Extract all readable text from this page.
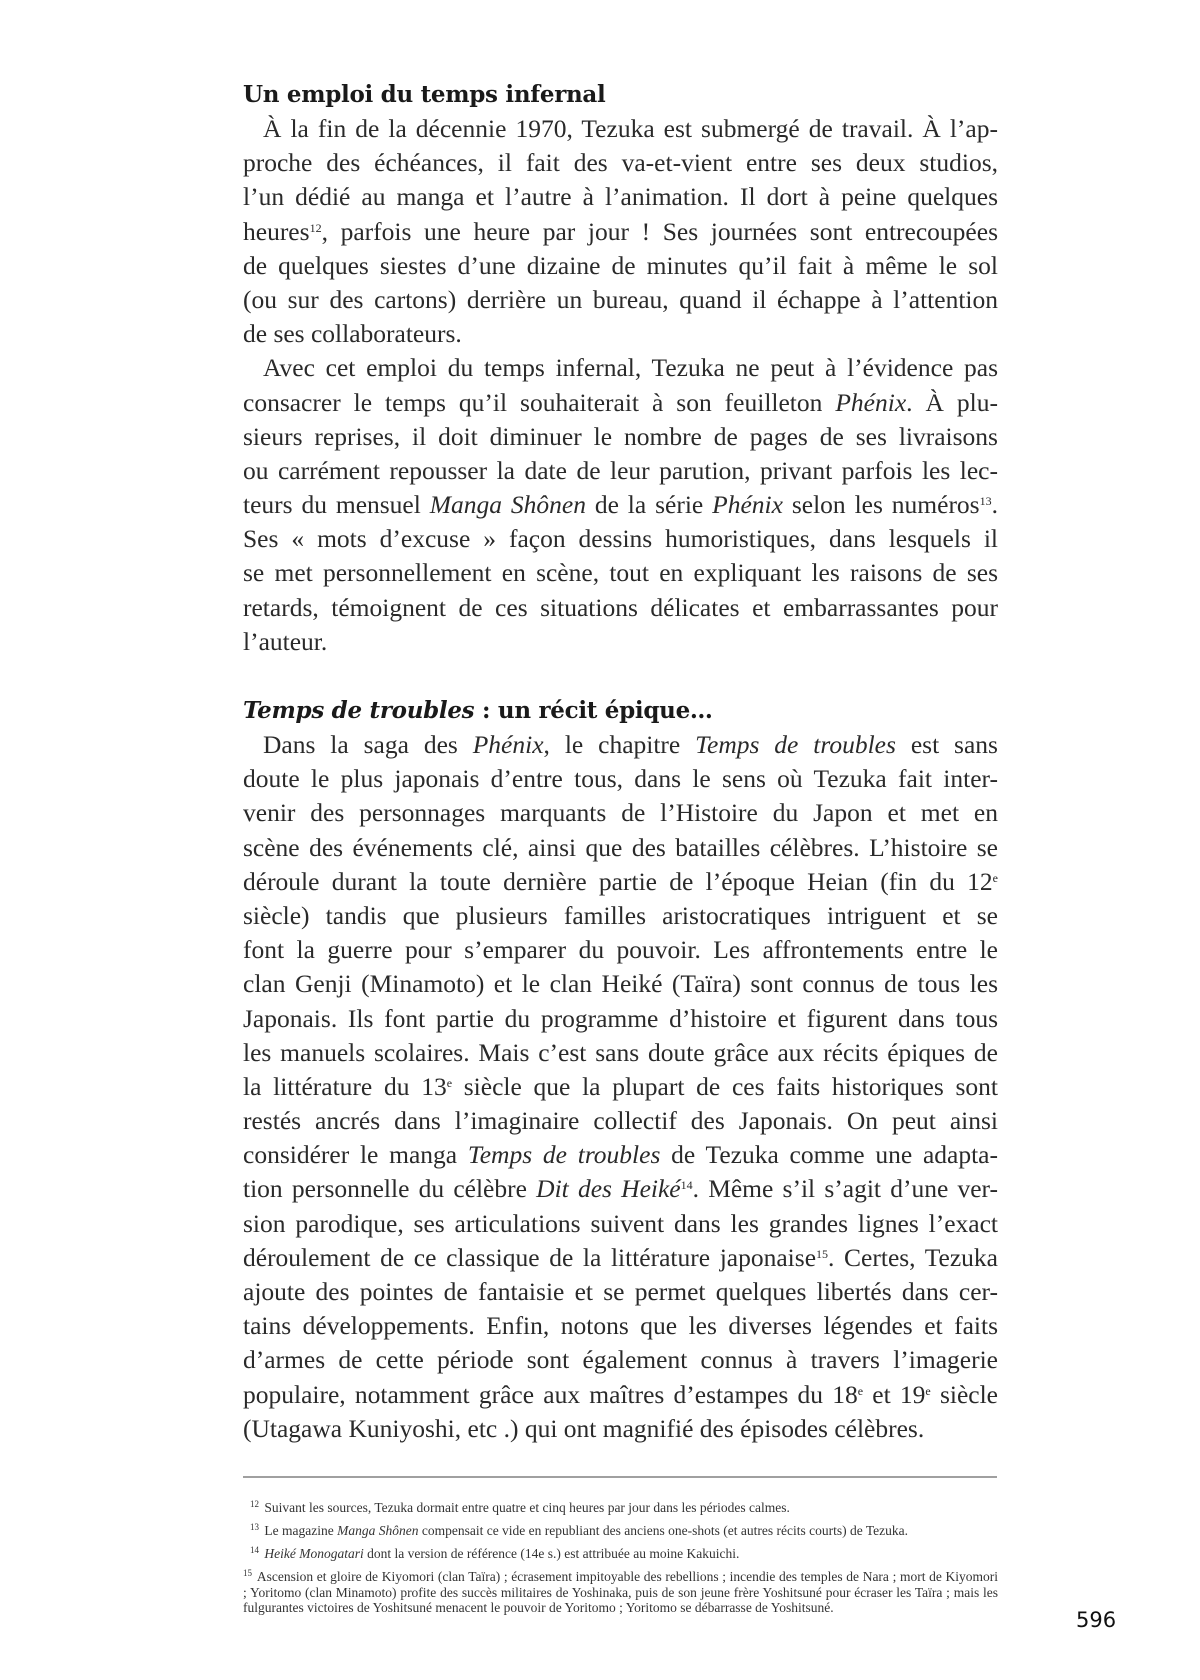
Un emploi du temps infernal
À la fin de la décennie 1970, Tezuka est submergé de travail. À l’ap-
proche des échéances, il fait des va-et-vient entre ses deux studios,
l’un dédié au manga et l’autre à l’animation. Il dort à peine quelques
heures$^{12}$, parfois une heure par jour ! Ses journées sont entrecoupées
de quelques siestes d’une dizaine de minutes qu’il fait à même le sol
(ou sur des cartons) derrière un bureau, quand il échappe à l’attention
de ses collaborateurs.
Avec cet emploi du temps infernal, Tezuka ne peut à l’évidence pas
consacrer le temps qu’il souhaiterait à son feuilleton Phénix. À plu-
sieurs reprises, il doit diminuer le nombre de pages de ses livraisons
ou carrément repousser la date de leur parution, privant parfois les lec-
teurs du mensuel Manga Shônen de la série Phénix selon les numéros$^{13}$.
Ses « mots d’excuse » façon dessins humoristiques, dans lesquels il
se met personnellement en scène, tout en expliquant les raisons de ses
retards, témoignent de ces situations délicates et embarrassantes pour
l’auteur.
Temps de troubles : un récit épique…
Dans la saga des Phénix, le chapitre Temps de troubles est sans
doute le plus japonais d’entre tous, dans le sens où Tezuka fait inter-
venir des personnages marquants de l’Histoire du Japon et met en
scène des événements clé, ainsi que des batailles célèbres. L’histoire se
déroule durant la toute dernière partie de l’époque Heian (fin du 12e
siècle) tandis que plusieurs familles aristocratiques intriguent et se
font la guerre pour s’emparer du pouvoir. Les affrontements entre le
clan Genji (Minamoto) et le clan Heiké (Taïra) sont connus de tous les
Japonais. Ils font partie du programme d’histoire et figurent dans tous
les manuels scolaires. Mais c’est sans doute grâce aux récits épiques de
la littérature du 13e siècle que la plupart de ces faits historiques sont
restés ancrés dans l’imaginaire collectif des Japonais. On peut ainsi
considérer le manga Temps de troubles de Tezuka comme une adapta-
tion personnelle du célèbre Dit des Heiké$^{14}$. Même s’il s’agit d’une ver-
sion parodique, ses articulations suivent dans les grandes lignes l’exact
déroulement de ce classique de la littérature japonaise$^{15}$. Certes, Tezuka
ajoute des pointes de fantaisie et se permet quelques libertés dans cer-
tains développements. Enfin, notons que les diverses légendes et faits
d’armes de cette période sont également connus à travers l’imagerie
populaire, notamment grâce aux maîtres d’estampes du 18e et 19e siècle
(Utagawa Kuniyoshi, etc .) qui ont magnifié des épisodes célèbres.

$^{12}$ Suivant les sources, Tezuka dormait entre quatre et cinq heures par jour dans les périodes calmes.

$^{13}$ Le magazine Manga Shônen compensait ce vide en republiant des anciens one-shots (et autres récits courts) de Tezuka.

$^{14}$ Heiké Monogatari dont la version de référence (14e s.) est attribuée au moine Kakuichi.

$^{15}$ Ascension et gloire de Kiyomori (clan Taïra) ; écrasement impitoyable des rebellions ; incendie des temples de Nara ; mort de Kiyomori ; Yoritomo (clan Minamoto) profite des succès militaires de Yoshinaka, puis de son jeune frère Yoshitsuné pour écraser les Taïra ; mais les fulgurantes victoires de Yoshitsuné menacent le pouvoir de Yoritomo ; Yoritomo se débarrasse de Yoshitsuné.

596
